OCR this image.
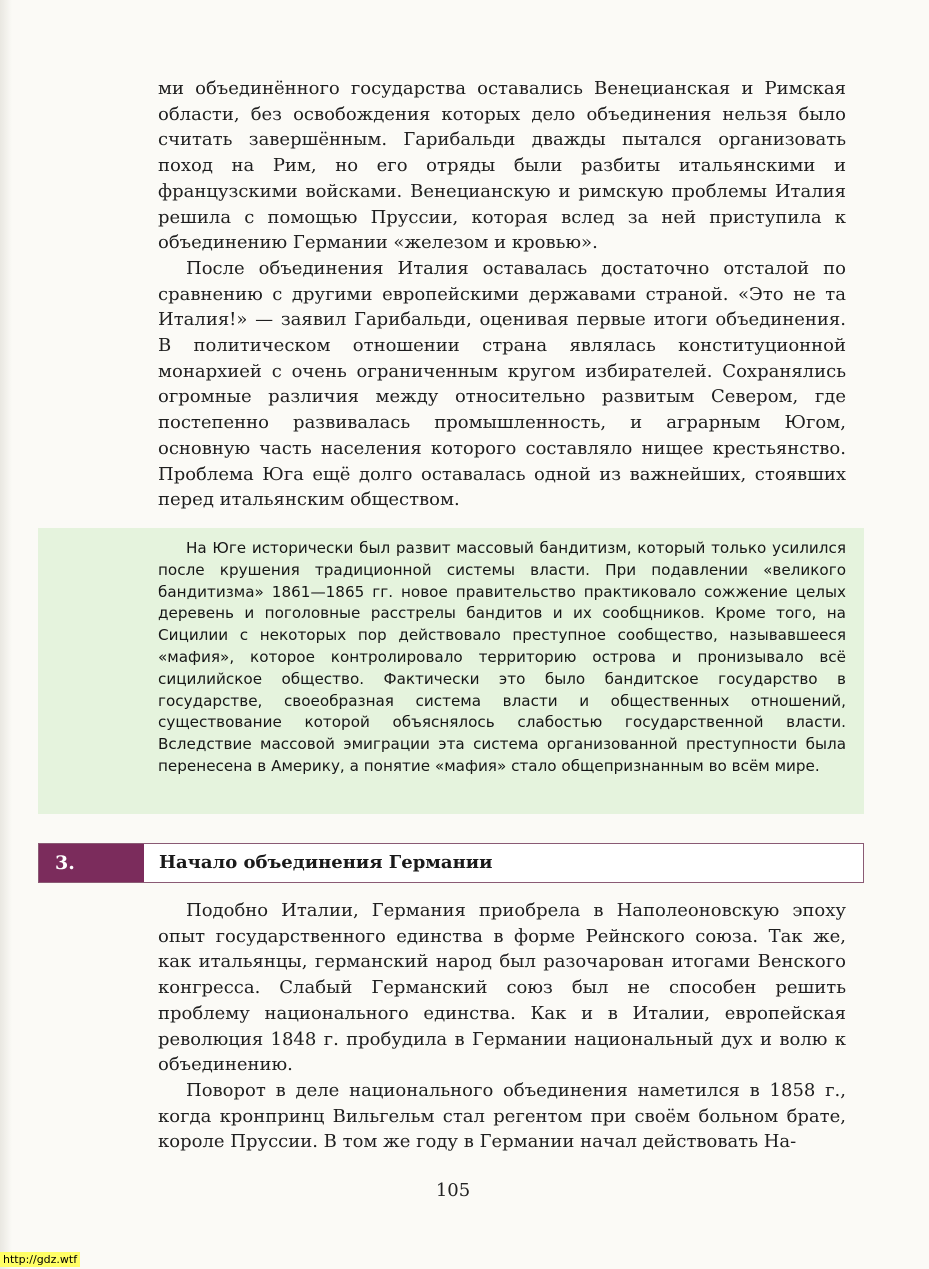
ми объединённого государства оставались Венецианская и Римская области, без освобождения которых дело объединения нельзя было считать завершённым. Гарибальди дважды пытался организовать поход на Рим, но его отряды были разбиты итальянскими и французскими войсками. Венецианскую и римскую проблемы Италия решила с помощью Пруссии, которая вслед за ней приступила к объединению Германии «железом и кровью».

После объединения Италия оставалась достаточно отсталой по сравнению с другими европейскими державами страной. «Это не та Италия!» — заявил Гарибальди, оценивая первые итоги объединения. В политическом отношении страна являлась конституционной монархией с очень ограниченным кругом избирателей. Сохранялись огромные различия между относительно развитым Севером, где постепенно развивалась промышленность, и аграрным Югом, основную часть населения которого составляло нищее крестьянство. Проблема Юга ещё долго оставалась одной из важнейших, стоявших перед итальянским обществом.

На Юге исторически был развит массовый бандитизм, который только усилился после крушения традиционной системы власти. При подавлении «великого бандитизма» 1861—1865 гг. новое правительство практиковало сожжение целых деревень и поголовные расстрелы бандитов и их сообщников. Кроме того, на Сицилии с некоторых пор действовало преступное сообщество, называвшееся «мафия», которое контролировало территорию острова и пронизывало всё сицилийское общество. Фактически это было бандитское государство в государстве, своеобразная система власти и общественных отношений, существование которой объяснялось слабостью государственной власти. Вследствие массовой эмиграции эта система организованной преступности была перенесена в Америку, а понятие «мафия» стало общепризнанным во всём мире.

3.	Начало объединения Германии

Подобно Италии, Германия приобрела в Наполеоновскую эпоху опыт государственного единства в форме Рейнского союза. Так же, как итальянцы, германский народ был разочарован итогами Венского конгресса. Слабый Германский союз был не способен решить проблему национального единства. Как и в Италии, европейская революция 1848 г. пробудила в Германии национальный дух и волю к объединению.

Поворот в деле национального объединения наметился в 1858 г., когда кронпринц Вильгельм стал регентом при своём больном брате, короле Пруссии. В том же году в Германии начал действовать На-

105
http://gdz.wtf
